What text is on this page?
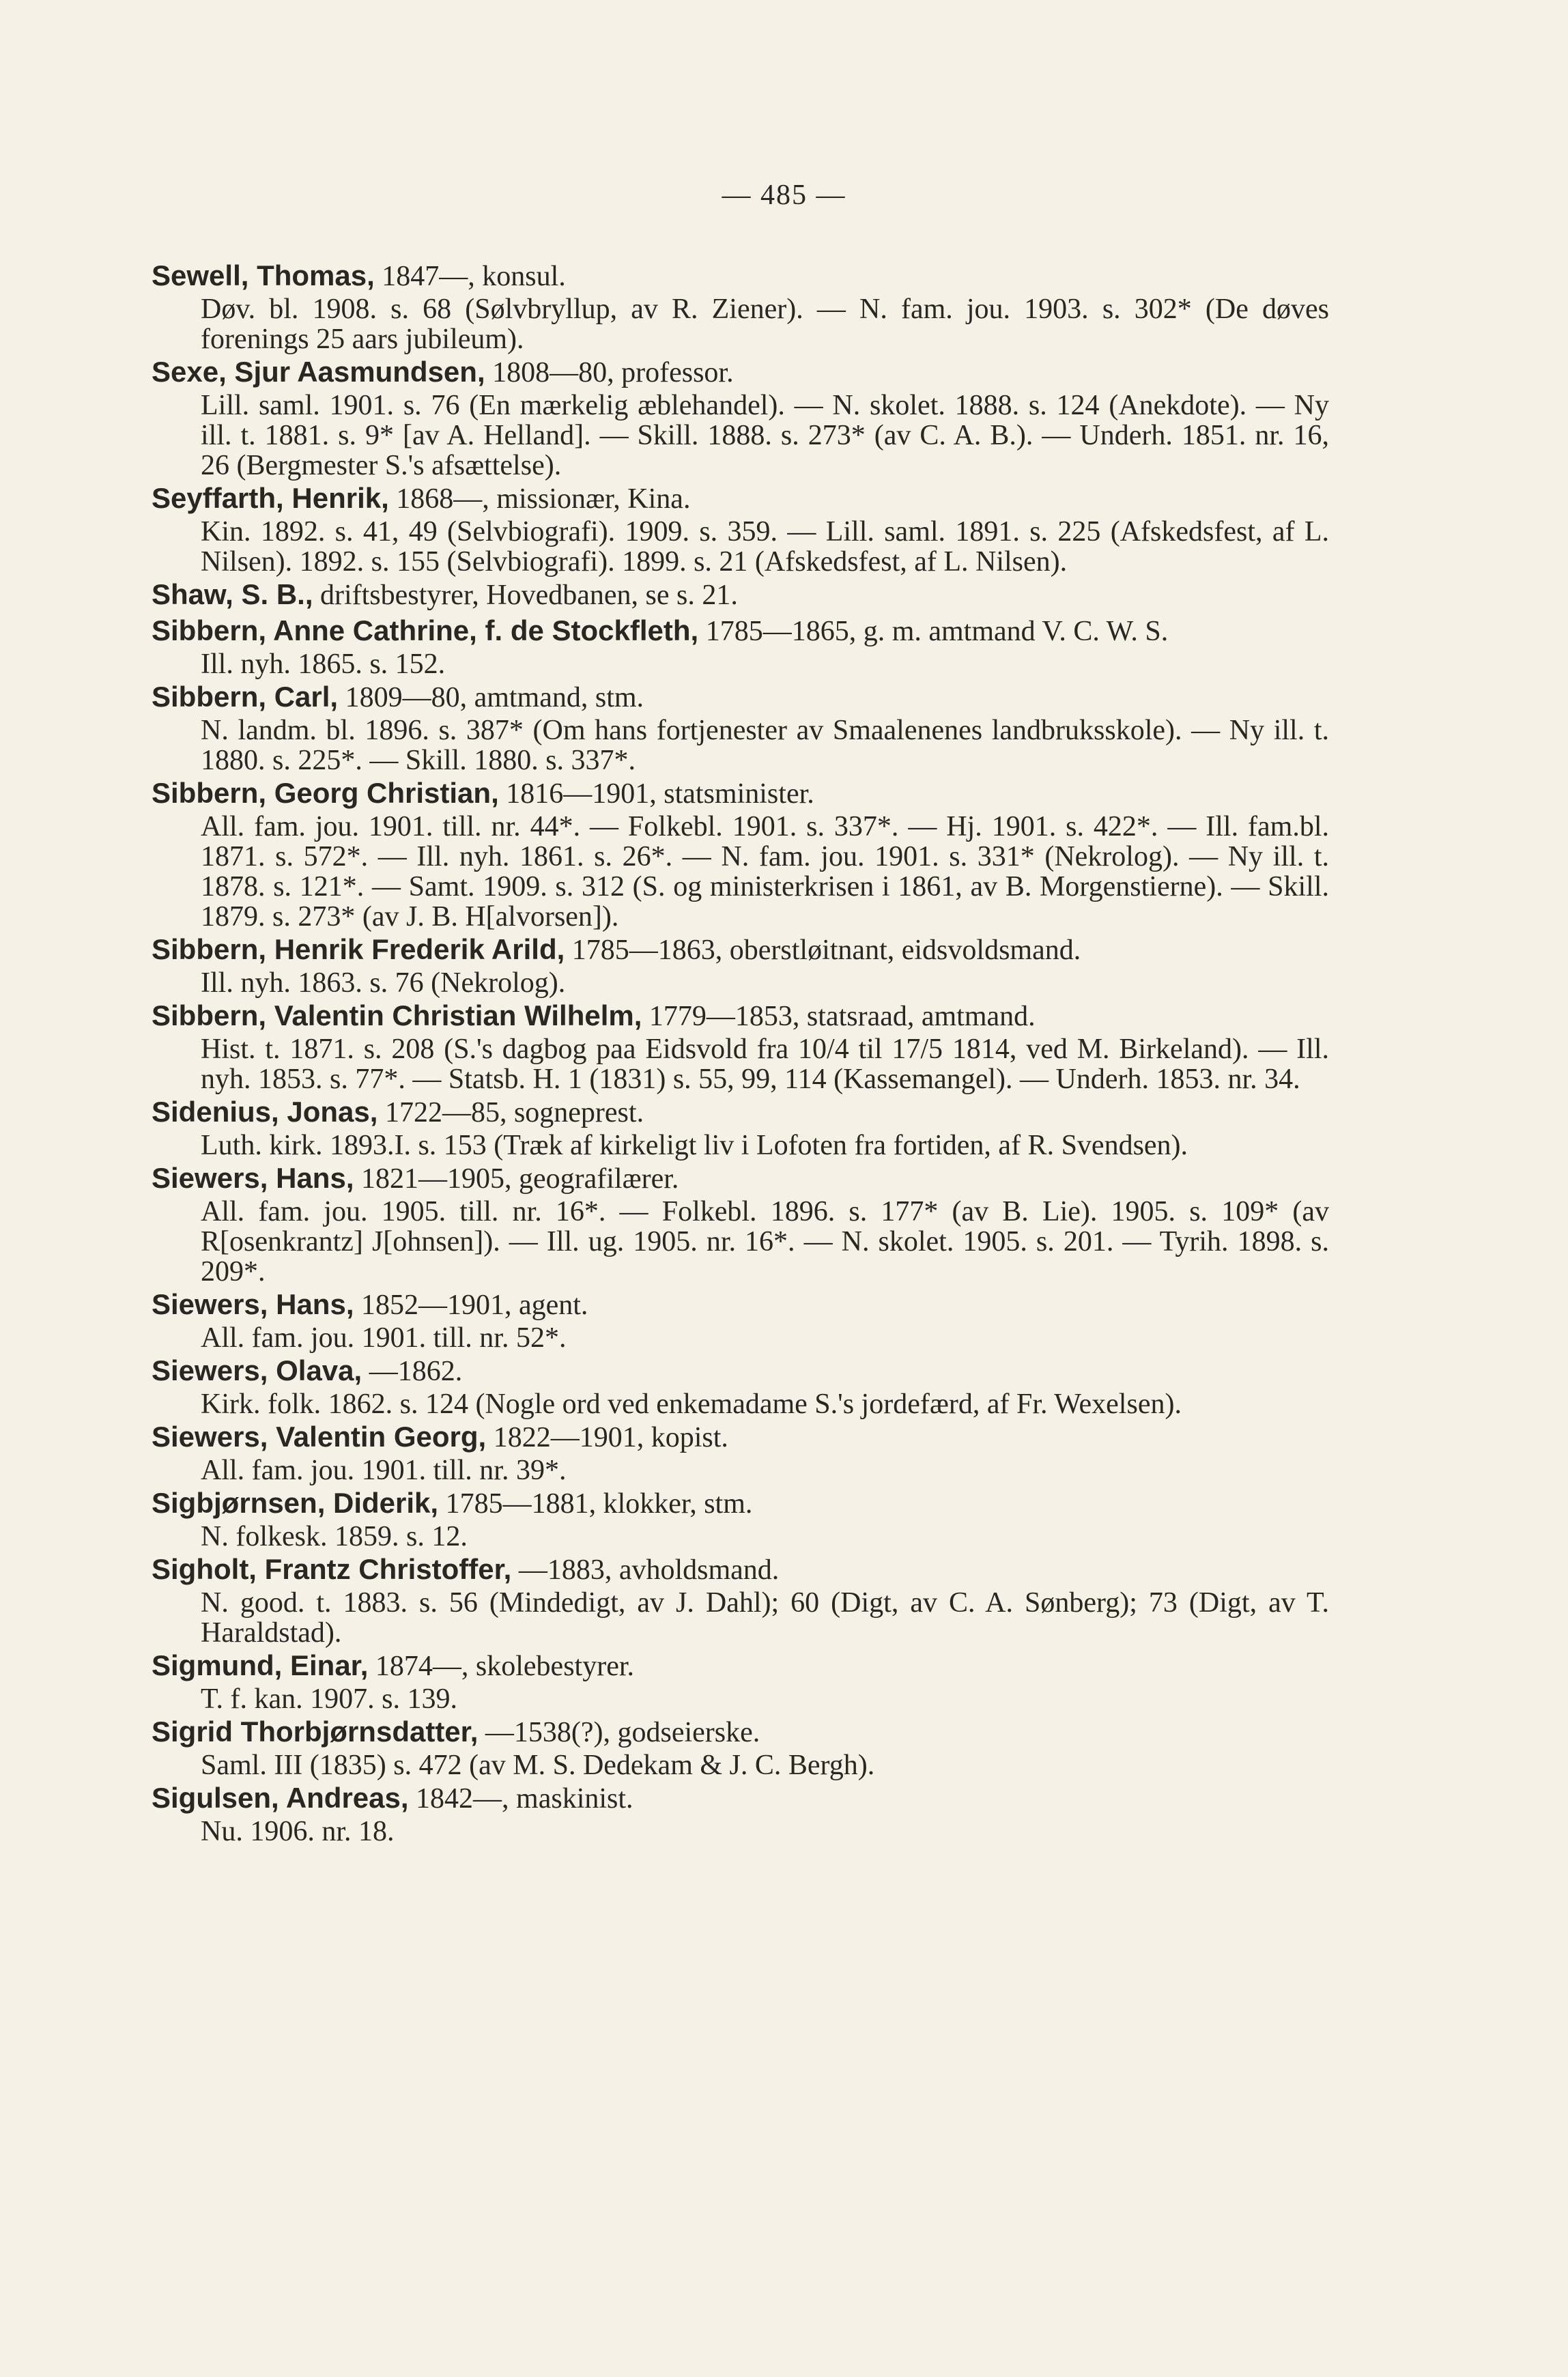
— 485 —
Sewell, Thomas, 1847—, konsul.
Døv. bl. 1908. s. 68 (Sølvbryllup, av R. Ziener). — N. fam. jou. 1903. s. 302* (De døves forenings 25 aars jubileum).
Sexe, Sjur Aasmundsen, 1808—80, professor.
Lill. saml. 1901. s. 76 (En mærkelig æblehandel). — N. skolet. 1888. s. 124 (Anekdote). — Ny ill. t. 1881. s. 9* [av A. Helland]. — Skill. 1888. s. 273* (av C. A. B.). — Underh. 1851. nr. 16, 26 (Bergmester S.'s afsættelse).
Seyffarth, Henrik, 1868—, missionær, Kina.
Kin. 1892. s. 41, 49 (Selvbiografi). 1909. s. 359. — Lill. saml. 1891. s. 225 (Afskedsfest, af L. Nilsen). 1892. s. 155 (Selvbiografi). 1899. s. 21 (Afskedsfest, af L. Nilsen).
Shaw, S. B., driftsbestyrer, Hovedbanen, se s. 21.
Sibbern, Anne Cathrine, f. de Stockfleth, 1785—1865, g. m. amtmand V. C. W. S.
Ill. nyh. 1865. s. 152.
Sibbern, Carl, 1809—80, amtmand, stm.
N. landm. bl. 1896. s. 387* (Om hans fortjenester av Smaalenenes landbruksskole). — Ny ill. t. 1880. s. 225*. — Skill. 1880. s. 337*.
Sibbern, Georg Christian, 1816—1901, statsminister.
All. fam. jou. 1901. till. nr. 44*. — Folkebl. 1901. s. 337*. — Hj. 1901. s. 422*. — Ill. fam.bl. 1871. s. 572*. — Ill. nyh. 1861. s. 26*. — N. fam. jou. 1901. s. 331* (Nekrolog). — Ny ill. t. 1878. s. 121*. — Samt. 1909. s. 312 (S. og ministerkrisen i 1861, av B. Morgenstierne). — Skill. 1879. s. 273* (av J. B. H[alvorsen]).
Sibbern, Henrik Frederik Arild, 1785—1863, oberstløitnant, eidsvoldsmand.
Ill. nyh. 1863. s. 76 (Nekrolog).
Sibbern, Valentin Christian Wilhelm, 1779—1853, statsraad, amtmand.
Hist. t. 1871. s. 208 (S.'s dagbog paa Eidsvold fra 10/4 til 17/5 1814, ved M. Birkeland). — Ill. nyh. 1853. s. 77*. — Statsb. H. 1 (1831) s. 55, 99, 114 (Kassemangel). — Underh. 1853. nr. 34.
Sidenius, Jonas, 1722—85, sogneprest.
Luth. kirk. 1893.I. s. 153 (Træk af kirkeligt liv i Lofoten fra fortiden, af R. Svendsen).
Siewers, Hans, 1821—1905, geografilærer.
All. fam. jou. 1905. till. nr. 16*. — Folkebl. 1896. s. 177* (av B. Lie). 1905. s. 109* (av R[osenkrantz] J[ohnsen]). — Ill. ug. 1905. nr. 16*. — N. skolet. 1905. s. 201. — Tyrih. 1898. s. 209*.
Siewers, Hans, 1852—1901, agent.
All. fam. jou. 1901. till. nr. 52*.
Siewers, Olava, —1862.
Kirk. folk. 1862. s. 124 (Nogle ord ved enkemadame S.'s jordefærd, af Fr. Wexelsen).
Siewers, Valentin Georg, 1822—1901, kopist.
All. fam. jou. 1901. till. nr. 39*.
Sigbjørnsen, Diderik, 1785—1881, klokker, stm.
N. folkesk. 1859. s. 12.
Sigholt, Frantz Christoffer, —1883, avholdsmand.
N. good. t. 1883. s. 56 (Mindedigt, av J. Dahl); 60 (Digt, av C. A. Sønberg); 73 (Digt, av T. Haraldstad).
Sigmund, Einar, 1874—, skolebestyrer.
T. f. kan. 1907. s. 139.
Sigrid Thorbjørnsdatter, —1538(?), godseierske.
Saml. III (1835) s. 472 (av M. S. Dedekam & J. C. Bergh).
Sigulsen, Andreas, 1842—, maskinist.
Nu. 1906. nr. 18.
